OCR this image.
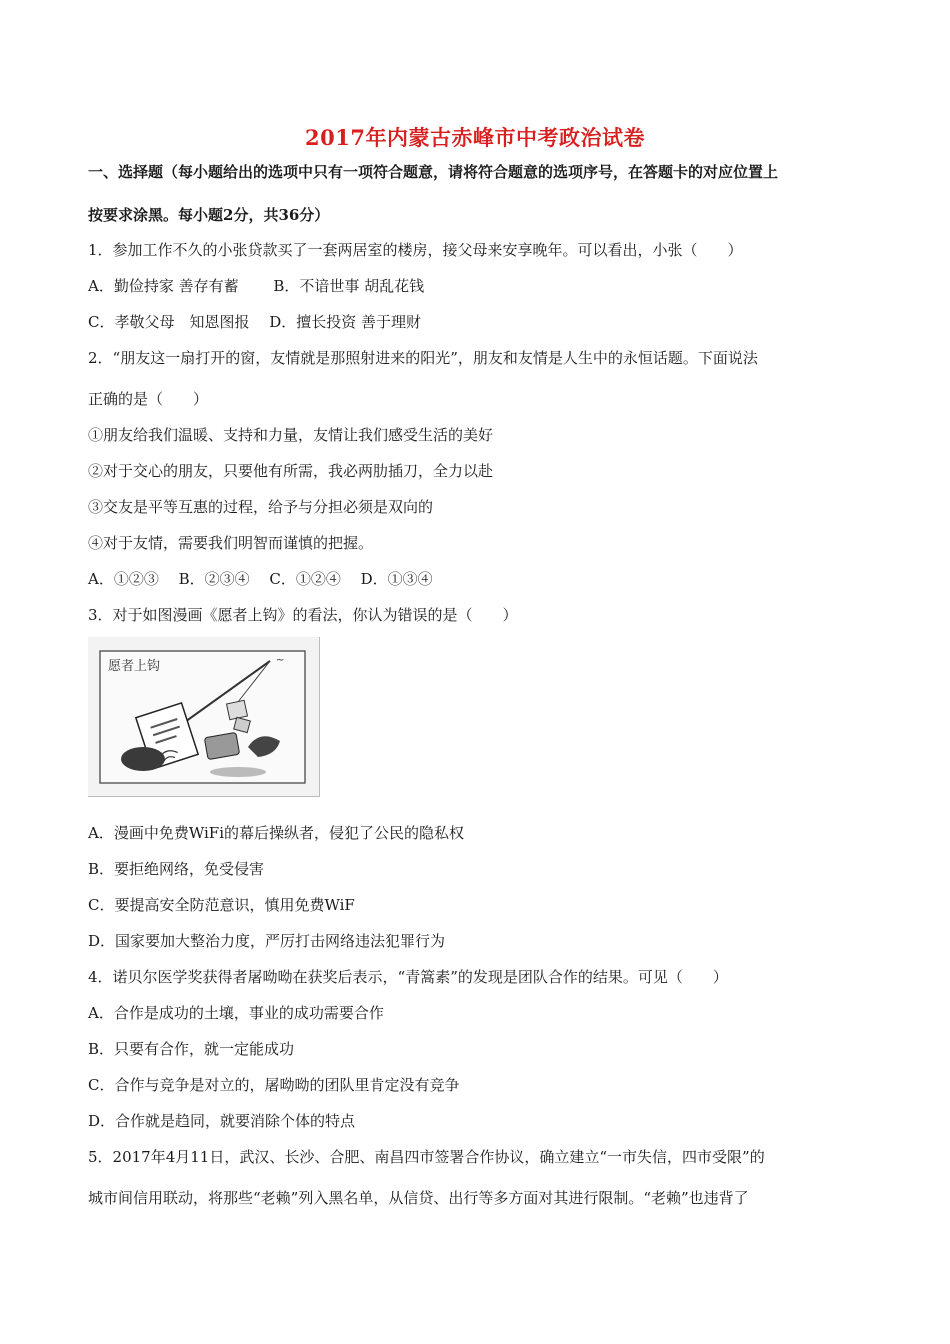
2017年内蒙古赤峰市中考政治试卷
一、选择题（每小题给出的选项中只有一项符合题意，请将符合题意的选项序号，在答题卡的对应位置上
按要求涂黑。每小题2分，共36分）
1．参加工作不久的小张贷款买了一套两居室的楼房，接父母来安享晚年。可以看出，小张（　　）
A．勤俭持家 善存有蓄　　 B．不谙世事 胡乱花钱
C．孝敬父母　知恩图报　 D．擅长投资 善于理财
2．“朋友这一扇打开的窗，友情就是那照射进来的阳光”，朋友和友情是人生中的永恒话题。下面说法
正确的是（　　）
①朋友给我们温暖、支持和力量，友情让我们感受生活的美好
②对于交心的朋友，只要他有所需，我必两肋插刀，全力以赴
③交友是平等互惠的过程，给予与分担必须是双向的
④对于友情，需要我们明智而谨慎的把握。
A．①②③　 B．②③④　 C．①②④　 D．①③④
3．对于如图漫画《愿者上钩》的看法，你认为错误的是（　　）
愿者上钩	~
A．漫画中免费WiFi的幕后操纵者，侵犯了公民的隐私权
B．要拒绝网络，免受侵害
C．要提高安全防范意识，慎用免费WiF
D．国家要加大整治力度，严厉打击网络违法犯罪行为
4．诺贝尔医学奖获得者屠呦呦在获奖后表示，“青篙素”的发现是团队合作的结果。可见（　　）
A．合作是成功的土壤，事业的成功需要合作
B．只要有合作，就一定能成功
C．合作与竞争是对立的，屠呦呦的团队里肯定没有竞争
D．合作就是趋同，就要消除个体的特点
5．2017年4月11日，武汉、长沙、合肥、南昌四市签署合作协议，确立建立“一市失信，四市受限”的
城市间信用联动，将那些“老赖”列入黑名单，从信贷、出行等多方面对其进行限制。“老赖”也违背了
